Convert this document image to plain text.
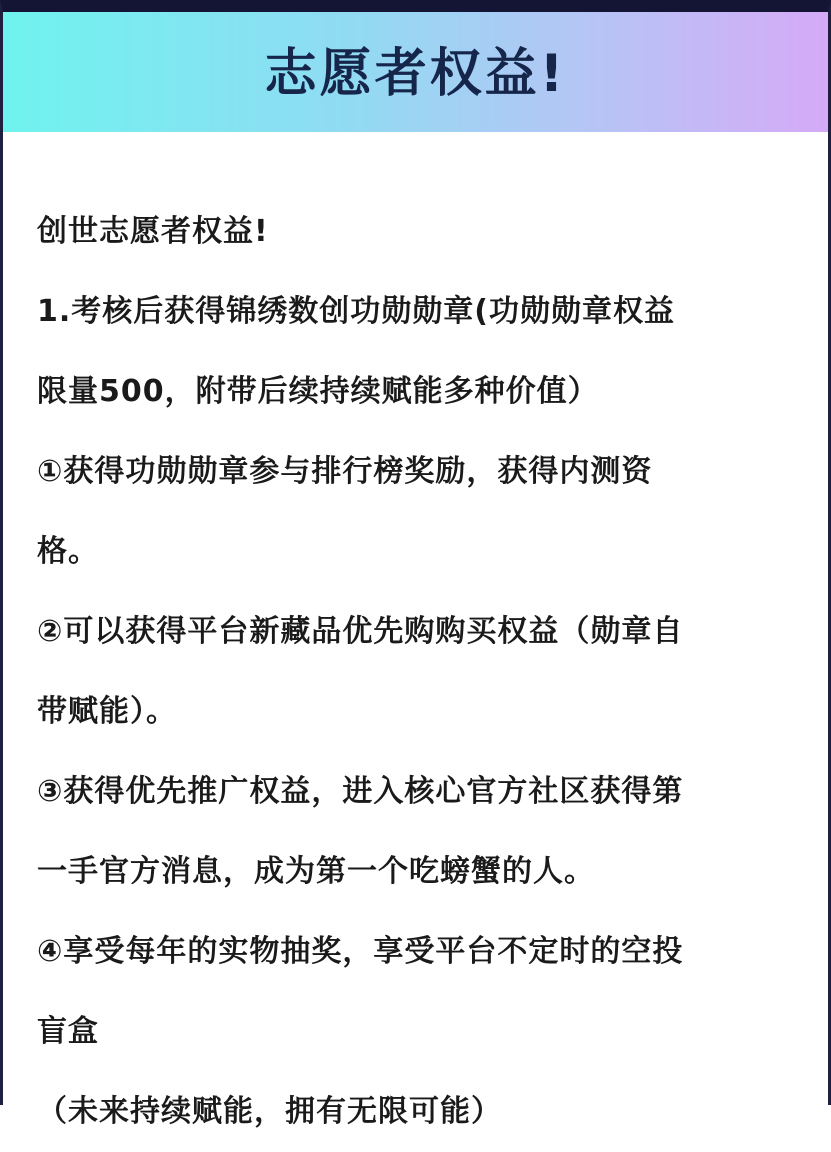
志愿者权益!
创世志愿者权益!
1.考核后获得锦绣数创功勋勋章(功勋勋章权益
限量500，附带后续持续赋能多种价值）
①获得功勋勋章参与排行榜奖励，获得内测资
格。
②可以获得平台新藏品优先购购买权益（勋章自
带赋能）。
③获得优先推广权益，进入核心官方社区获得第
一手官方消息，成为第一个吃螃蟹的人。
④享受每年的实物抽奖，享受平台不定时的空投
盲盒
（未来持续赋能，拥有无限可能）
